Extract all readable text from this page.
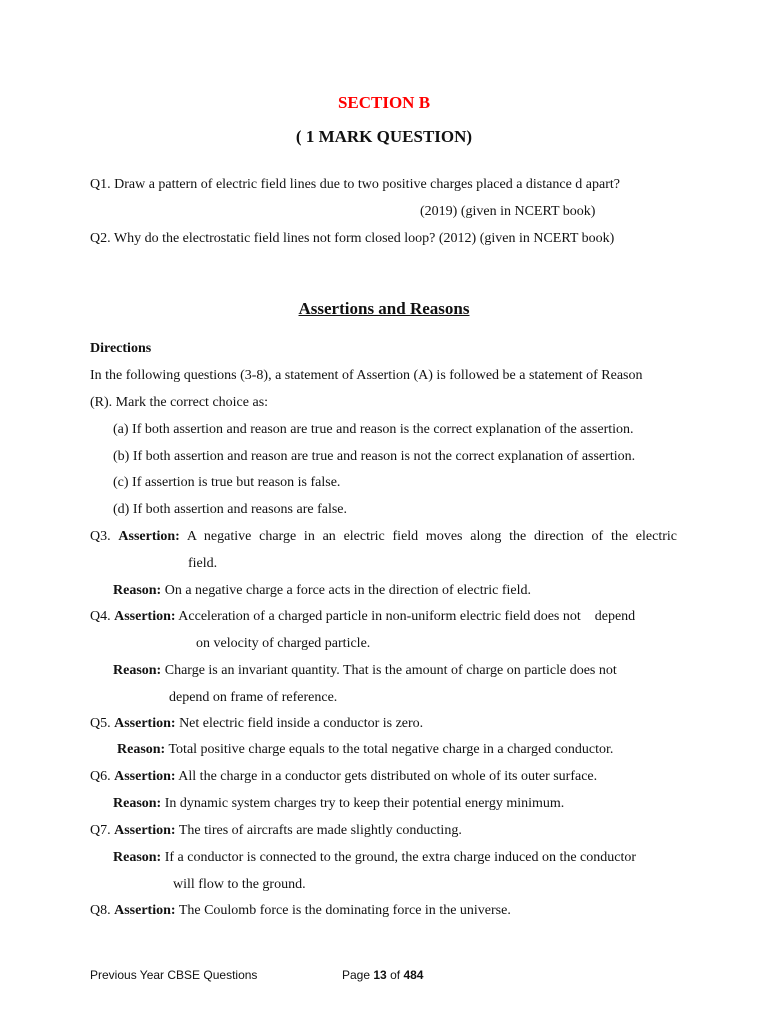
SECTION B
( 1 MARK QUESTION)
Q1. Draw a pattern of electric field lines due to two positive charges placed a distance d apart?
(2019) (given in NCERT book)
Q2. Why do the electrostatic field lines not form closed loop? (2012) (given in NCERT book)
Assertions and Reasons
Directions
In the following questions (3-8), a statement of Assertion (A) is followed be a statement of Reason
(R). Mark the correct choice as:
(a) If both assertion and reason are true and reason is the correct explanation of the assertion.
(b) If both assertion and reason are true and reason is not the correct explanation of assertion.
(c) If assertion is true but reason is false.
(d) If both assertion and reasons are false.
Q3. Assertion: A negative charge in an electric field moves along the direction of the electric
field.
Reason: On a negative charge a force acts in the direction of electric field.
Q4. Assertion: Acceleration of a charged particle in non-uniform electric field does not    depend
on velocity of charged particle.
Reason: Charge is an invariant quantity. That is the amount of charge on particle does not
depend on frame of reference.
Q5. Assertion: Net electric field inside a conductor is zero.
Reason: Total positive charge equals to the total negative charge in a charged conductor.
Q6. Assertion: All the charge in a conductor gets distributed on whole of its outer surface.
Reason: In dynamic system charges try to keep their potential energy minimum.
Q7. Assertion: The tires of aircrafts are made slightly conducting.
Reason: If a conductor is connected to the ground, the extra charge induced on the conductor
will flow to the ground.
Q8. Assertion: The Coulomb force is the dominating force in the universe.
Previous Year CBSE Questions	Page 13 of 484
